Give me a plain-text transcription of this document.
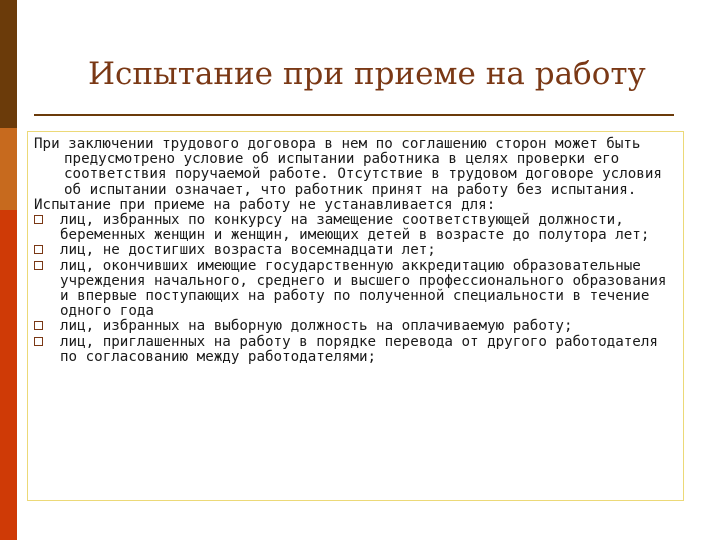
Испытание при приеме на работу

При заключении трудового договора в нем по соглашению сторон может быть предусмотрено условие об испытании работника в целях проверки его соответствия поручаемой работе. Отсутствие в трудовом договоре условия об испытании означает, что работник принят на работу без испытания.

Испытание при приеме на работу не устанавливается для:

лиц, избранных по конкурсу на замещение соответствующей должности, беременных женщин и женщин, имеющих детей в возрасте до полутора лет;
лиц, не достигших возраста восемнадцати лет;
лиц, окончивших имеющие государственную аккредитацию образовательные учреждения начального, среднего и высшего профессионального образования и впервые поступающих на работу по полученной специальности в течение одного года
лиц, избранных на выборную должность на оплачиваемую работу;
лиц, приглашенных на работу в порядке перевода от другого работодателя по согласованию между работодателями;
